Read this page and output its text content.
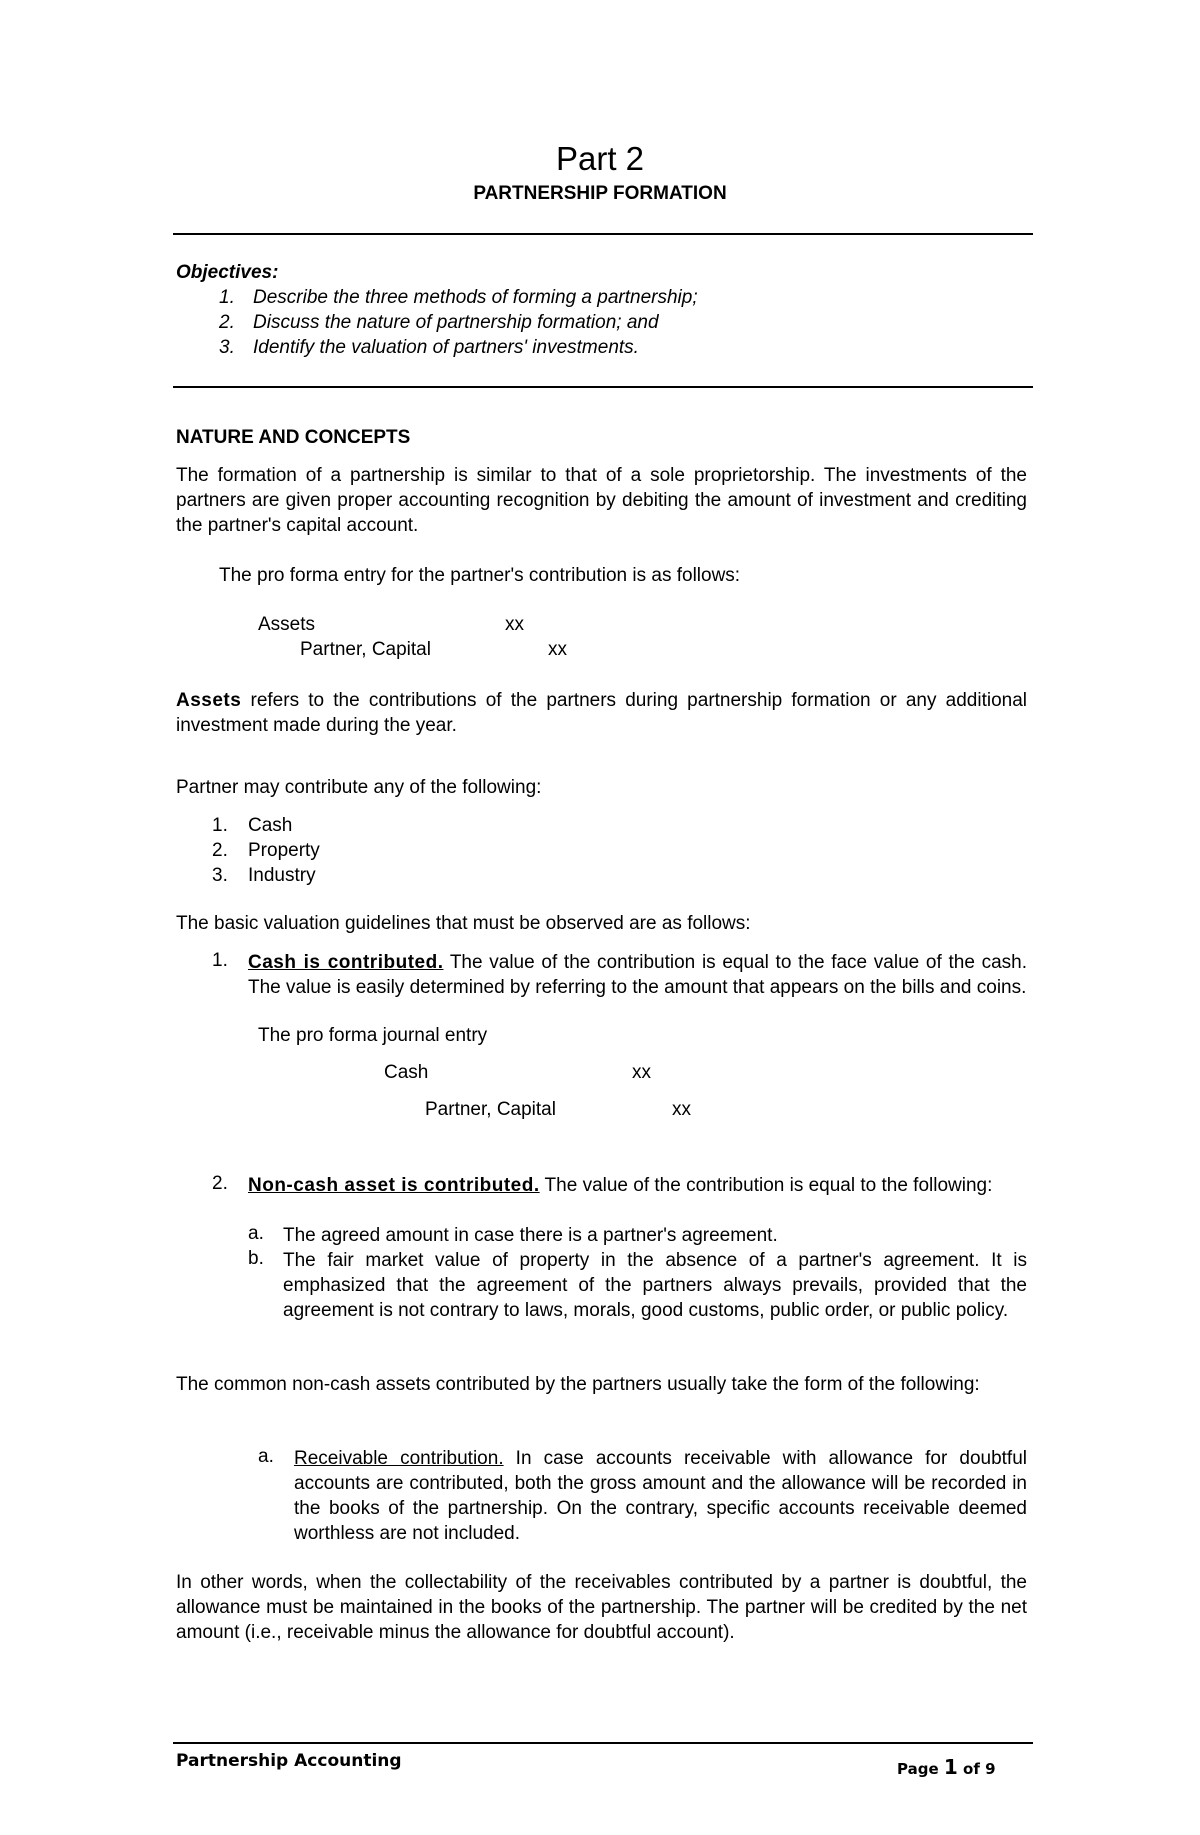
Part 2
PARTNERSHIP FORMATION
Objectives:
1. Describe the three methods of forming a partnership;
2. Discuss the nature of partnership formation; and
3. Identify the valuation of partners' investments.
NATURE AND CONCEPTS
The formation of a partnership is similar to that of a sole proprietorship. The investments of the partners are given proper accounting recognition by debiting the amount of investment and crediting the partner's capital account.
The pro forma entry for the partner's contribution is as follows:
Assets	xx
Partner, Capital	xx
Assets refers to the contributions of the partners during partnership formation or any additional investment made during the year.
Partner may contribute any of the following:
1. Cash
2. Property
3. Industry
The basic valuation guidelines that must be observed are as follows:
1. Cash is contributed. The value of the contribution is equal to the face value of the cash. The value is easily determined by referring to the amount that appears on the bills and coins.
The pro forma journal entry
Cash	xx
Partner, Capital	xx
2. Non-cash asset is contributed. The value of the contribution is equal to the following:
a. The agreed amount in case there is a partner's agreement.
b. The fair market value of property in the absence of a partner's agreement. It is emphasized that the agreement of the partners always prevails, provided that the agreement is not contrary to laws, morals, good customs, public order, or public policy.
The common non-cash assets contributed by the partners usually take the form of the following:
a. Receivable contribution. In case accounts receivable with allowance for doubtful accounts are contributed, both the gross amount and the allowance will be recorded in the books of the partnership. On the contrary, specific accounts receivable deemed worthless are not included.
In other words, when the collectability of the receivables contributed by a partner is doubtful, the allowance must be maintained in the books of the partnership. The partner will be credited by the net amount (i.e., receivable minus the allowance for doubtful account).
Partnership Accounting	Page 1 of 9
